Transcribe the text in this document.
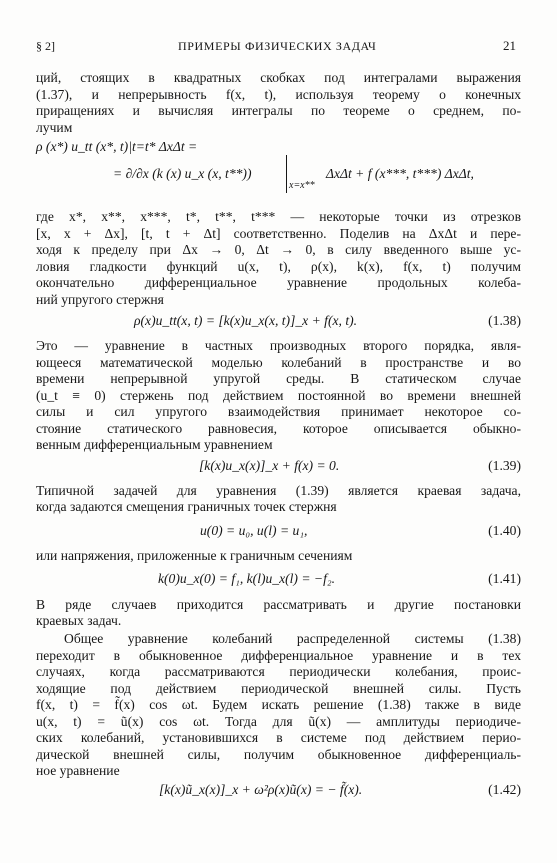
§ 2]	ПРИМЕРЫ ФИЗИЧЕСКИХ ЗАДАЧ	21
ций, стоящих в квадратных скобках под интегралами выражения
(1.37), и непрерывность f(x, t), используя теорему о конечных
приращениях и вычисляя интегралы по теореме о среднем, по-
лучим
ρ (x*) u_tt (x*, t)|t=t* ΔxΔt =
= ∂/∂x (k (x) u_x (x, t**))
x=x**
ΔxΔt + f (x***, t***) ΔxΔt,
где x*, x**, x***, t*, t**, t*** — некоторые точки из отрезков
[x, x + Δx], [t, t + Δt] соответственно. Поделив на ΔxΔt и пере-
ходя к пределу при Δx → 0, Δt → 0, в силу введенного выше ус-
ловия гладкости функций u(x, t), ρ(x), k(x), f(x, t) получим
окончательно дифференциальное уравнение продольных колеба-
ний упругого стержня
ρ(x)u_tt(x, t) = [k(x)u_x(x, t)]_x + f(x, t).	(1.38)
Это — уравнение в частных производных второго порядка, явля-
ющееся математической моделью колебаний в пространстве и во
времени непрерывной упругой среды. В статическом случае
(u_t ≡ 0) стержень под действием постоянной во времени внешней
силы и сил упругого взаимодействия принимает некоторое со-
стояние статического равновесия, которое описывается обыкно-
венным дифференциальным уравнением
[k(x)u_x(x)]_x + f(x) = 0.	(1.39)
Типичной задачей для уравнения (1.39) является краевая задача,
когда задаются смещения граничных точек стержня
u(0) = u₀, u(l) = u₁,	(1.40)
или напряжения, приложенные к граничным сечениям
k(0)u_x(0) = f₁, k(l)u_x(l) = −f₂.	(1.41)
В ряде случаев приходится рассматривать и другие постановки
краевых задач.
Общее уравнение колебаний распределенной системы (1.38)
переходит в обыкновенное дифференциальное уравнение и в тех
случаях, когда рассматриваются периодически колебания, проис-
ходящие под действием периодической внешней силы. Пусть
f(x, t) = f̃(x) cos ωt. Будем искать решение (1.38) также в виде
u(x, t) = ũ(x) cos ωt. Тогда для ũ(x) — амплитуды периодиче-
ских колебаний, установившихся в системе под действием перио-
дической внешней силы, получим обыкновенное дифференциаль-
ное уравнение
[k(x)ũ_x(x)]_x + ω²ρ(x)ũ(x) = − f̃(x).	(1.42)
